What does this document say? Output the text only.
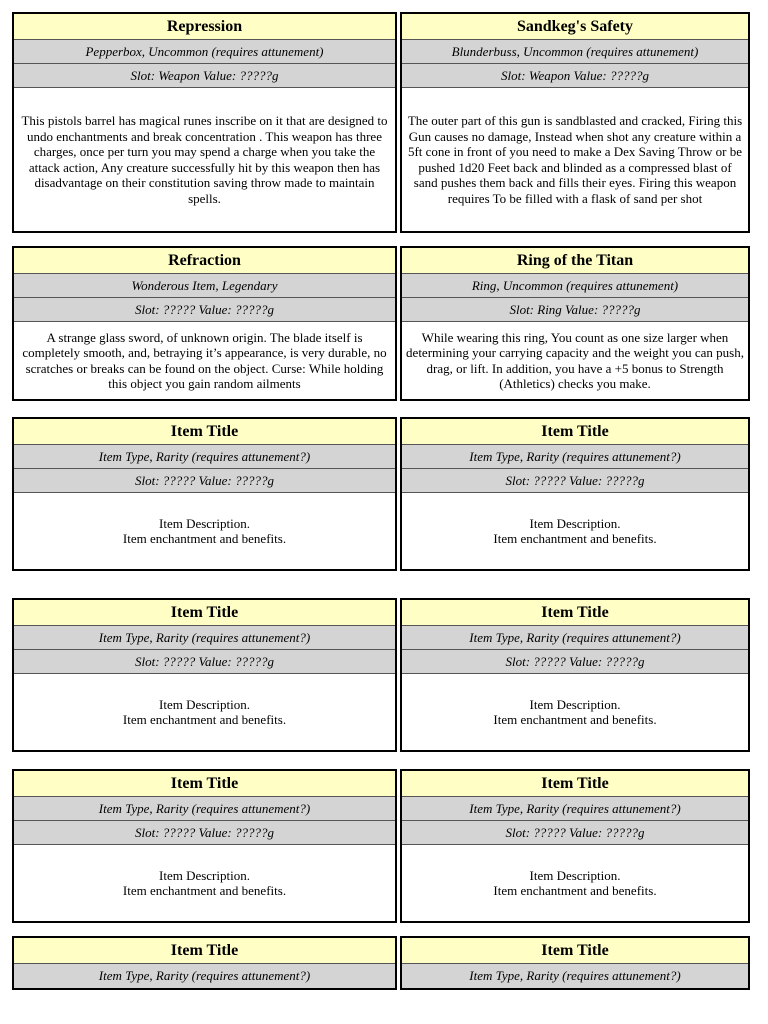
Repression
Pepperbox, Uncommon (requires attunement)
Slot: Weapon Value: ?????g
This pistols barrel has magical runes inscribe on it that are designed to undo enchantments and break concentration . This weapon has three charges, once per turn you may spend a charge when you take the attack action, Any creature successfully hit by this weapon then has disadvantage on their constitution saving throw made to maintain spells.
Sandkeg's Safety
Blunderbuss, Uncommon (requires attunement)
Slot: Weapon Value: ?????g
The outer part of this gun is sandblasted and cracked, Firing this Gun causes no damage, Instead when shot any creature within a 5ft cone in front of you need to make a Dex Saving Throw or be pushed 1d20 Feet back and blinded as a compressed blast of sand pushes them back and fills their eyes. Firing this weapon requires To be filled with a flask of sand per shot
Refraction
Wonderous Item, Legendary
Slot: ????? Value: ?????g
A strange glass sword, of unknown origin. The blade itself is completely smooth, and, betraying it’s appearance, is very durable, no scratches or breaks can be found on the object. Curse: While holding this object you gain random ailments
Ring of the Titan
Ring, Uncommon (requires attunement)
Slot: Ring Value: ?????g
While wearing this ring, You count as one size larger when determining your carrying capacity and the weight you can push, drag, or lift. In addition, you have a +5 bonus to Strength (Athletics) checks you make.
Item Title
Item Type, Rarity (requires attunement?)
Slot: ????? Value: ?????g
Item Description.
Item enchantment and benefits.
Item Title
Item Type, Rarity (requires attunement?)
Slot: ????? Value: ?????g
Item Description.
Item enchantment and benefits.
Item Title
Item Type, Rarity (requires attunement?)
Slot: ????? Value: ?????g
Item Description.
Item enchantment and benefits.
Item Title
Item Type, Rarity (requires attunement?)
Slot: ????? Value: ?????g
Item Description.
Item enchantment and benefits.
Item Title
Item Type, Rarity (requires attunement?)
Slot: ????? Value: ?????g
Item Description.
Item enchantment and benefits.
Item Title
Item Type, Rarity (requires attunement?)
Slot: ????? Value: ?????g
Item Description.
Item enchantment and benefits.
Item Title
Item Type, Rarity (requires attunement?)
Item Title
Item Type, Rarity (requires attunement?)
